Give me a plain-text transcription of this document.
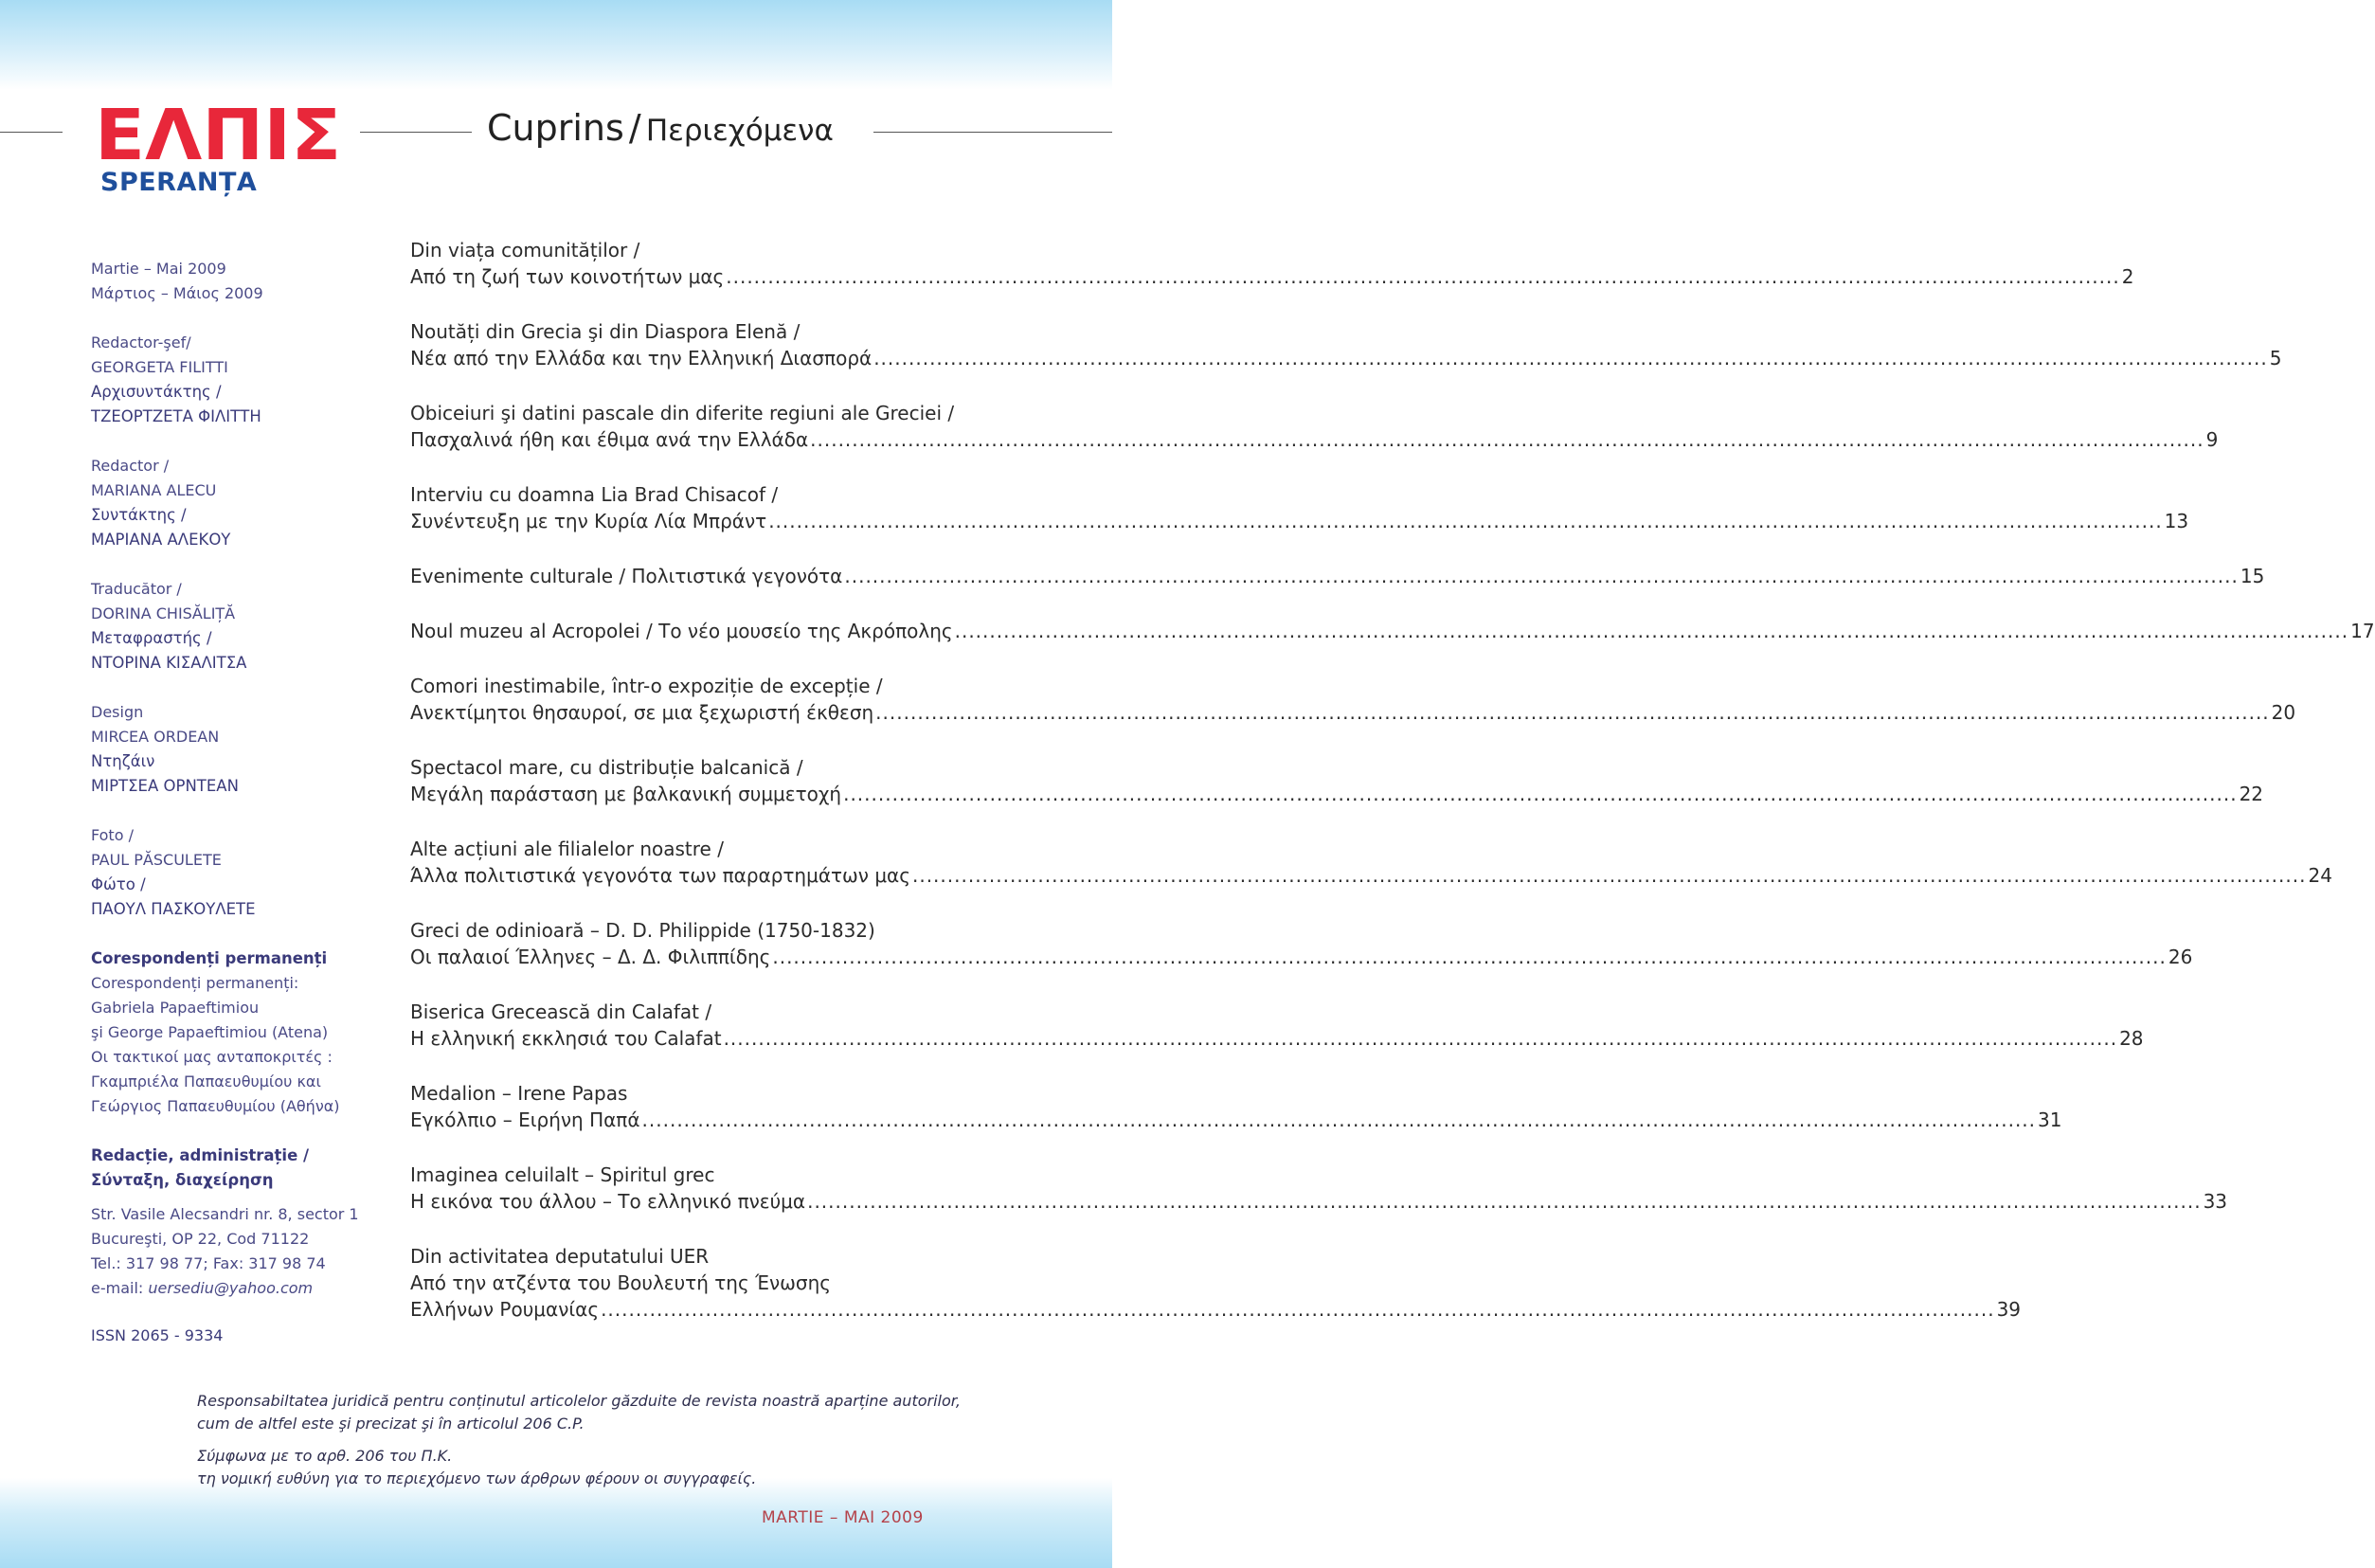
ΕΛΠΙΣ
SPERANȚA
Cuprins / Περιεχόμενα
Martie – Mai 2009
Μάρτιος – Μάιος 2009
Redactor-şef/
GEORGETA FILITTI
Αρχισυντάκτης /
ΤΖΕΟΡΤΖΕΤΑ ΦΙΛΙΤΤΗ
Redactor /
MARIANA ALECU
Συντάκτης /
ΜΑΡΙΑΝΑ ΑΛΕΚΟΥ
Traducător /
DORINA CHISĂLIȚĂ
Μεταφραστής /
ΝΤΟΡΙΝΑ ΚΙΣΑΛΙΤΣΑ
Design
MIRCEA ORDEAN
Ντηζάιν
ΜΙΡΤΣΕΑ ΟΡΝΤΕΑΝ
Foto /
PAUL PĂSCULETE
Φώτο /
ΠΑΟΥΛ ΠΑΣΚΟΥΛΕΤΕ
Corespondenți permanenți
Corespondenți permanenți:
Gabriela Papaeftimiou
şi George Papaeftimiou (Atena)
Οι τακτικοί μας ανταποκριτές :
Γκαμπριέλα Παπαευθυμίου και
Γεώργιος Παπαευθυμίου (Αθήνα)
Redacție, administrație /
Σύνταξη, διαχείρηση
Str. Vasile Alecsandri nr. 8, sector 1
Bucureşti, OP 22, Cod 71122
Tel.: 317 98 77; Fax: 317 98 74
e-mail: uersediu@yahoo.com
ISSN 2065 - 9334
Din viața comunităților /
Από τη ζωή των κοινοτήτων μας ........................................................................................................................................................................................................ 2
Noutăți din Grecia şi din Diaspora Elenă /
Νέα από την Ελλάδα και την Ελληνική Διασπορά ........................................................................................................................................................................................................ 5
Obiceiuri şi datini pascale din diferite regiuni ale Greciei /
Πασχαλινά ήθη και έθιμα ανά την Ελλάδα ........................................................................................................................................................................................................ 9
Interviu cu doamna Lia Brad Chisacof /
Συνέντευξη με την Κυρία Λία Μπράντ ........................................................................................................................................................................................................ 13
Evenimente culturale / Πολιτιστικά γεγονότα ........................................................................................................................................................................................................ 15
Noul muzeu al Acropolei / Το νέο μουσείο της Ακρόπολης ........................................................................................................................................................................................................ 17
Comori inestimabile, într-o expoziție de excepție /
Ανεκτίμητοι θησαυροί, σε μια ξεχωριστή έκθεση ........................................................................................................................................................................................................ 20
Spectacol mare, cu distribuție balcanică /
Μεγάλη παράσταση με βαλκανική συμμετοχή ........................................................................................................................................................................................................ 22
Alte acțiuni ale filialelor noastre /
Άλλα πολιτιστικά γεγονότα των παραρτημάτων μας ........................................................................................................................................................................................................ 24
Greci de odinioară – D. D. Philippide (1750-1832)
Οι παλαιοί Έλληνες – Δ. Δ. Φιλιππίδης ........................................................................................................................................................................................................ 26
Biserica Grecească din Calafat /
Η ελληνική εκκλησιά του Calafat ........................................................................................................................................................................................................ 28
Medalion – Irene Papas
Εγκόλπιο – Ειρήνη Παπά ........................................................................................................................................................................................................ 31
Imaginea celuilalt – Spiritul grec
Η εικόνα του άλλου – Το ελληνικό πνεύμα ........................................................................................................................................................................................................ 33
Din activitatea deputatului UER
Από την ατζέντα του Βουλευτή της Ένωσης
Ελλήνων Ρουμανίας ........................................................................................................................................................................................................ 39
Responsabiltatea juridică pentru conținutul articolelor găzduite de revista noastră aparține autorilor,
cum de altfel este şi precizat şi în articolul 206 C.P.
Σύμφωνα με το αρθ. 206 του Π.Κ.
τη νομική ευθύνη για το περιεχόμενο των άρθρων φέρουν οι συγγραφείς.
MARTIE – MAI 2009
